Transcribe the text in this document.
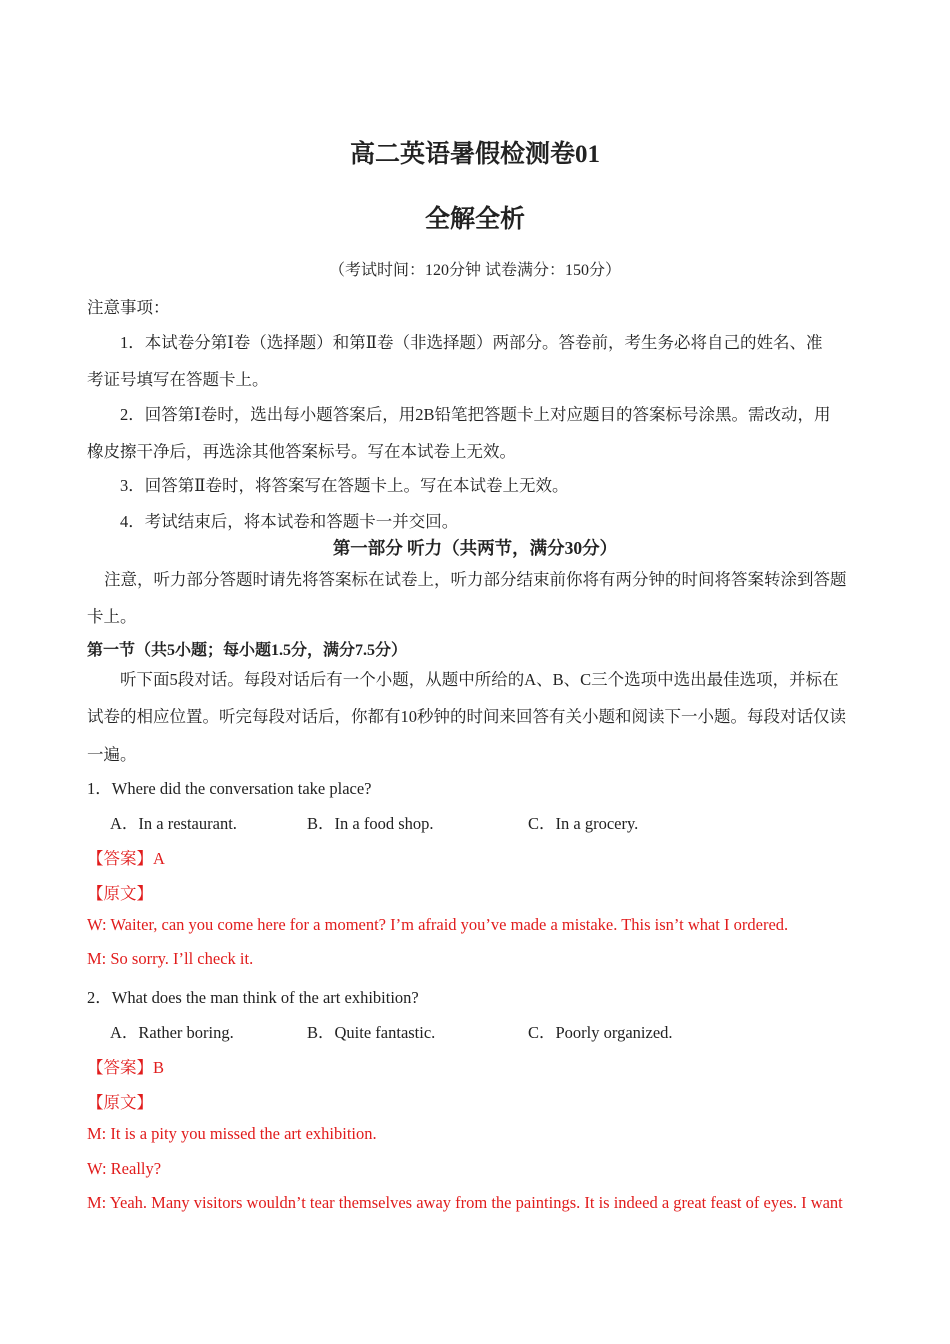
高二英语暑假检测卷01
全解全析
（考试时间：120分钟 试卷满分：150分）
注意事项：
1．本试卷分第Ⅰ卷（选择题）和第Ⅱ卷（非选择题）两部分。答卷前，考生务必将自己的姓名、准
考证号填写在答题卡上。
2．回答第Ⅰ卷时，选出每小题答案后，用2B铅笔把答题卡上对应题目的答案标号涂黑。需改动，用
橡皮擦干净后，再选涂其他答案标号。写在本试卷上无效。
3．回答第Ⅱ卷时，将答案写在答题卡上。写在本试卷上无效。
4．考试结束后，将本试卷和答题卡一并交回。
第一部分 听力（共两节，满分30分）
注意，听力部分答题时请先将答案标在试卷上，听力部分结束前你将有两分钟的时间将答案转涂到答题
卡上。
第一节（共5小题；每小题1.5分，满分7.5分）
听下面5段对话。每段对话后有一个小题，从题中所给的A、B、C三个选项中选出最佳选项，并标在
试卷的相应位置。听完每段对话后，你都有10秒钟的时间来回答有关小题和阅读下一小题。每段对话仅读
一遍。
1．Where did the conversation take place?
A．In a restaurant.	B．In a food shop.	C．In a grocery.
【答案】A
【原文】
W: Waiter, can you come here for a moment? I’m afraid you’ve made a mistake. This isn’t what I ordered.
M: So sorry. I’ll check it.
2．What does the man think of the art exhibition?
A．Rather boring.	B．Quite fantastic.	C．Poorly organized.
【答案】B
【原文】
M: It is a pity you missed the art exhibition.
W: Really?
M: Yeah. Many visitors wouldn’t tear themselves away from the paintings. It is indeed a great feast of eyes. I want
